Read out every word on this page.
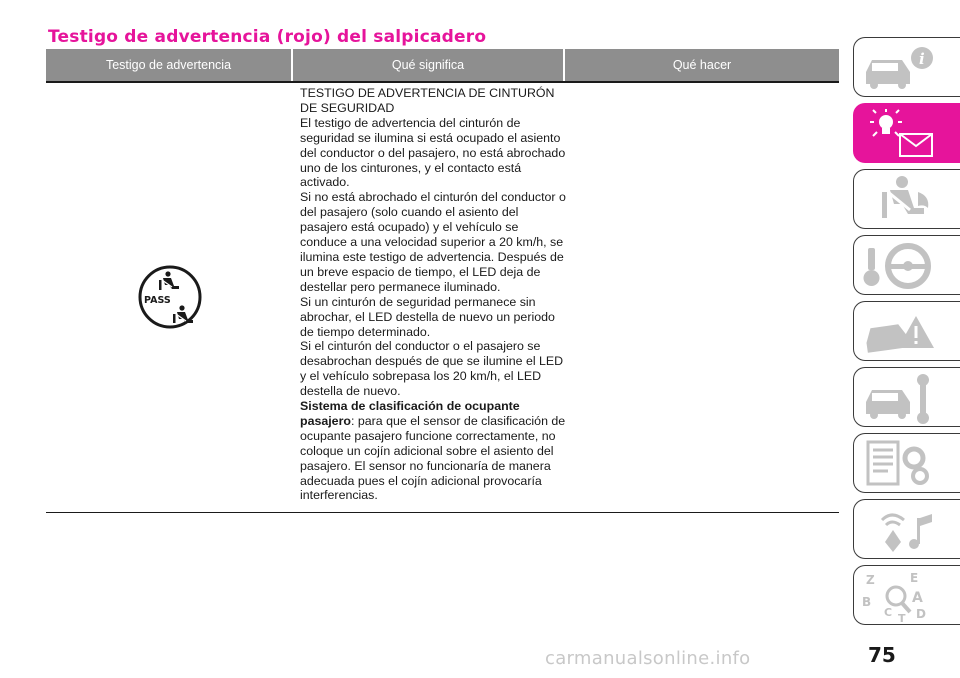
Testigo de advertencia (rojo) del salpicadero
Testigo de advertencia	Qué significa	Qué hacer
PASS

TESTIGO DE ADVERTENCIA DE CINTURÓN DE SEGURIDAD

El testigo de advertencia del cinturón de seguridad se ilumina si está ocupado el asiento del conductor o del pasajero, no está abrochado uno de los cinturones, y el contacto está activado.

Si no está abrochado el cinturón del conductor o del pasajero (solo cuando el asiento del pasajero está ocupado) y el vehículo se conduce a una velocidad superior a 20 km/h, se ilumina este testigo de advertencia. Después de un breve espacio de tiempo, el LED deja de destellar pero permanece iluminado.

Si un cinturón de seguridad permanece sin abrochar, el LED destella de nuevo un periodo de tiempo determinado.

Si el cinturón del conductor o el pasajero se desabrochan después de que se ilumine el LED y el vehículo sobrepasa los 20 km/h, el LED destella de nuevo.

Sistema de clasificación de ocupante pasajero: para que el sensor de clasificación de ocupante pasajero funcione correctamente, no coloque un cojín adicional sobre el asiento del pasajero. El sensor no funcionaría de manera adecuada pues el cojín adicional provocaría interferencias.

i
Z	E
B	A
D
C T
75
carmanualsonline.info
